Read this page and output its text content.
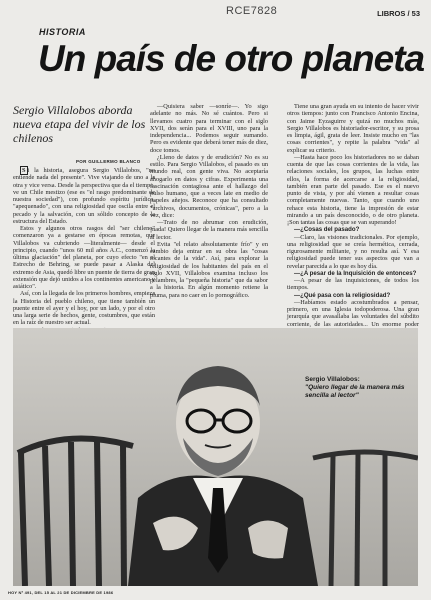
RCE7828	LIBROS / 53
HISTORIA
Un país de otro planeta
Sergio Villalobos aborda nueva etapa del vivir de los chilenos
POR GUILLERMO BLANCO

S i la historia, asegura Sergio Villalobos, "no entiende nada del presente". Vive viajando de uno a la otra y vice versa. Desde la perspectiva que da el tiempo, ve un Chile mestizo (ese es "el rasgo predominante de nuestra sociedad"), con profundo espíritu jurídico, "apequenado", con una religiosidad que oscila entre el pecado y la salvación, con un sólido concepto de la estructura del Estado.

Estos y algunos otros rasgos del "ser chileno" comenzaron ya a gestarse en épocas remotas, que Villalobos va cubriendo —literalmente— desde el principio, cuando "unos 60 mil años A.C., comenzó la última glaciación" del planeta, por cuyo efecto "en el Estrecho de Behring, se puede pasar a Alaska del extremo de Asia, quedó libre un puente de tierra de gran extensión que dejó unidos a los continentes americano y asiático".

Así, con la llegada de los primeros hombres, empieza la Historia del pueblo chileno, que tiene también un puente entre el ayer y el hoy, por un lado, y por el otro una larga serie de hechos, gente, costumbres, que están en la raíz de nuestro ser actual.

—Quisiera saber —sonríe—. Yo sigo adelante no más. No sé cuántos. Pero si llevamos cuatro para terminar con el siglo XVII, dos serán para el XVIII, uno para la independencia... Podemos seguir sumando. Pero es evidente que deberá tener más de diez, doce tomos.

¿Lleno de datos y de erudición? No es su estilo. Para Sergio Villalobos, el pasado es un mundo real, con gente viva. No aceptaría ahogarlo en datos y cifras. Experimenta una fascinación contagiosa ante el hallazgo del pulso humano, que a veces late en medio de papeles añejos. Reconoce que ha consultado "archivos, documentos, crónicas", pero a la vez, dice:

—Trato de no abrumar con erudición, ¡nada! Quiero llegar de la manera más sencilla al lector.

Evita "el relato absolutamente frío" y en cambio deja entrar en su obra las "cosas tocantes de la vida". Así, para explorar la religiosidad de los habitantes del país en el siglo XVII, Villalobos examina incluso los pelambres, la "pequeña historia" que da sabor a la historia. En algún momento retiene la pluma, para no caer en lo pornográfico.

Tiene una gran ayuda en su intento de hacer vivir otros tiempos: junto con Francisco Antonio Encina, con Jaime Eyzaguirre y quizá no muchos más, Sergio Villalobos es historiador-escritor, y su prosa es limpia, ágil, grata de leer. Insiste mucho en "las cosas corrientes", y repite la palabra "vida" al explicar su criterio.

—Hasta hace poco los historiadores no se daban cuenta de que las cosas corrientes de la vida, las relaciones sociales, los grupos, las luchas entre ellos, la forma de acercarse a la religiosidad, también eran parte del pasado. Ese es el nuevo punto de vista, y por ahí vienen a resultar cosas completamente nuevas. Tanto, que cuando uno rehace esta historia, tiene la impresión de estar mirando a un país desconocido, o de otro planeta. ¡Son tantas las cosas que se van superando!

—¿Cosas del pasado?

—Claro, las visiones tradicionales. Por ejemplo, una religiosidad que se creía hermética, cerrada, rigurosamente militante, y no resulta así. Y esa religiosidad puede tener sus aspectos que van a revelar parecida a lo que es hoy día.

—¿A pesar de la Inquisición de entonces?

—A pesar de las inquisiciones, de todos los tiempos.

—¿Qué pasa con la religiosidad?

—Habíamos estado acostumbrados a pensar, primero, en una Iglesia todopoderosa. Una gran jerarquía que avasallaba las voluntades del súbdito corriente, de las autoridades... Un enorme poder

Sergio Villalobos:
"Quiero llegar de la manera más sencilla al lector"
HOY Nº 491, DEL 15 AL 21 DE DICIEMBRE DE 1986
